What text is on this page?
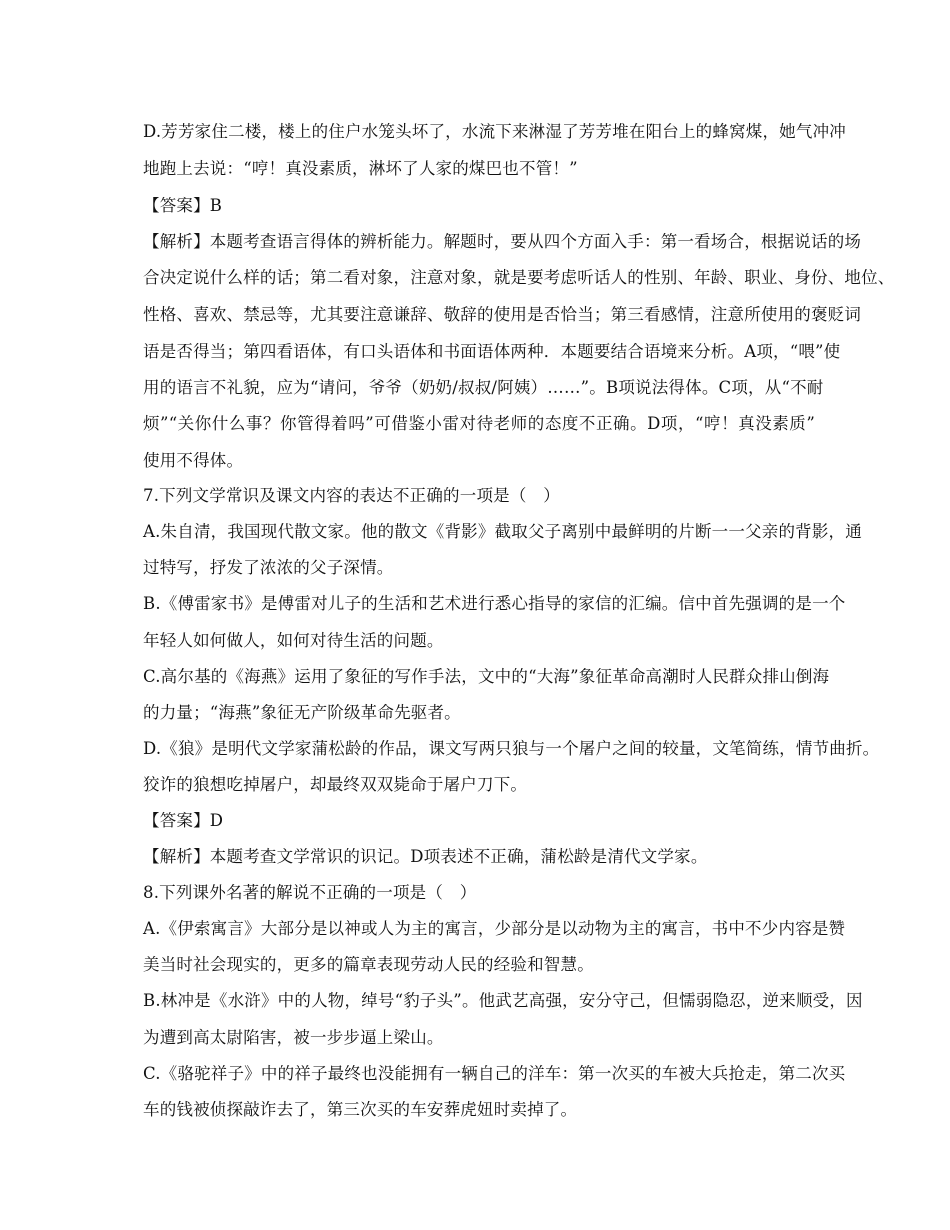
D.芳芳家住二楼，楼上的住户水笼头坏了，水流下来淋湿了芳芳堆在阳台上的蜂窝煤，她气冲冲
地跑上去说：“哼！真没素质，淋坏了人家的煤巴也不管！”
【答案】B
【解析】本题考查语言得体的辨析能力。解题时，要从四个方面入手：第一看场合，根据说话的场
合决定说什么样的话；第二看对象，注意对象，就是要考虑听话人的性别、年龄、职业、身份、地位、
性格、喜欢、禁忌等，尤其要注意谦辞、敬辞的使用是否恰当；第三看感情，注意所使用的褒贬词
语是否得当；第四看语体，有口头语体和书面语体两种．本题要结合语境来分析。A项，“喂”使
用的语言不礼貌，应为“请问，爷爷（奶奶/叔叔/阿姨）……”。B项说法得体。C项，从“不耐
烦”“关你什么事？你管得着吗”可借鉴小雷对待老师的态度不正确。D项，“哼！真没素质”
使用不得体。
7.下列文学常识及课文内容的表达不正确的一项是（　）
A.朱自清，我国现代散文家。他的散文《背影》截取父子离别中最鲜明的片断一一父亲的背影，通
过特写，抒发了浓浓的父子深情。
B.《傅雷家书》是傅雷对儿子的生活和艺术进行悉心指导的家信的汇编。信中首先强调的是一个
年轻人如何做人，如何对待生活的问题。
C.高尔基的《海燕》运用了象征的写作手法，文中的“大海”象征革命高潮时人民群众排山倒海
的力量；“海燕”象征无产阶级革命先驱者。
D.《狼》是明代文学家蒲松龄的作品，课文写两只狼与一个屠户之间的较量，文笔简练，情节曲折。
狡诈的狼想吃掉屠户，却最终双双毙命于屠户刀下。
【答案】D
【解析】本题考查文学常识的识记。D项表述不正确，蒲松龄是清代文学家。
8.下列课外名著的解说不正确的一项是（　）
A.《伊索寓言》大部分是以神或人为主的寓言，少部分是以动物为主的寓言，书中不少内容是赞
美当时社会现实的，更多的篇章表现劳动人民的经验和智慧。
B.林冲是《水浒》中的人物，绰号“豹子头”。他武艺高强，安分守己，但懦弱隐忍，逆来顺受，因
为遭到高太尉陷害，被一步步逼上梁山。
C.《骆驼祥子》中的祥子最终也没能拥有一辆自己的洋车：第一次买的车被大兵抢走，第二次买
车的钱被侦探敲诈去了，第三次买的车安葬虎妞时卖掉了。
